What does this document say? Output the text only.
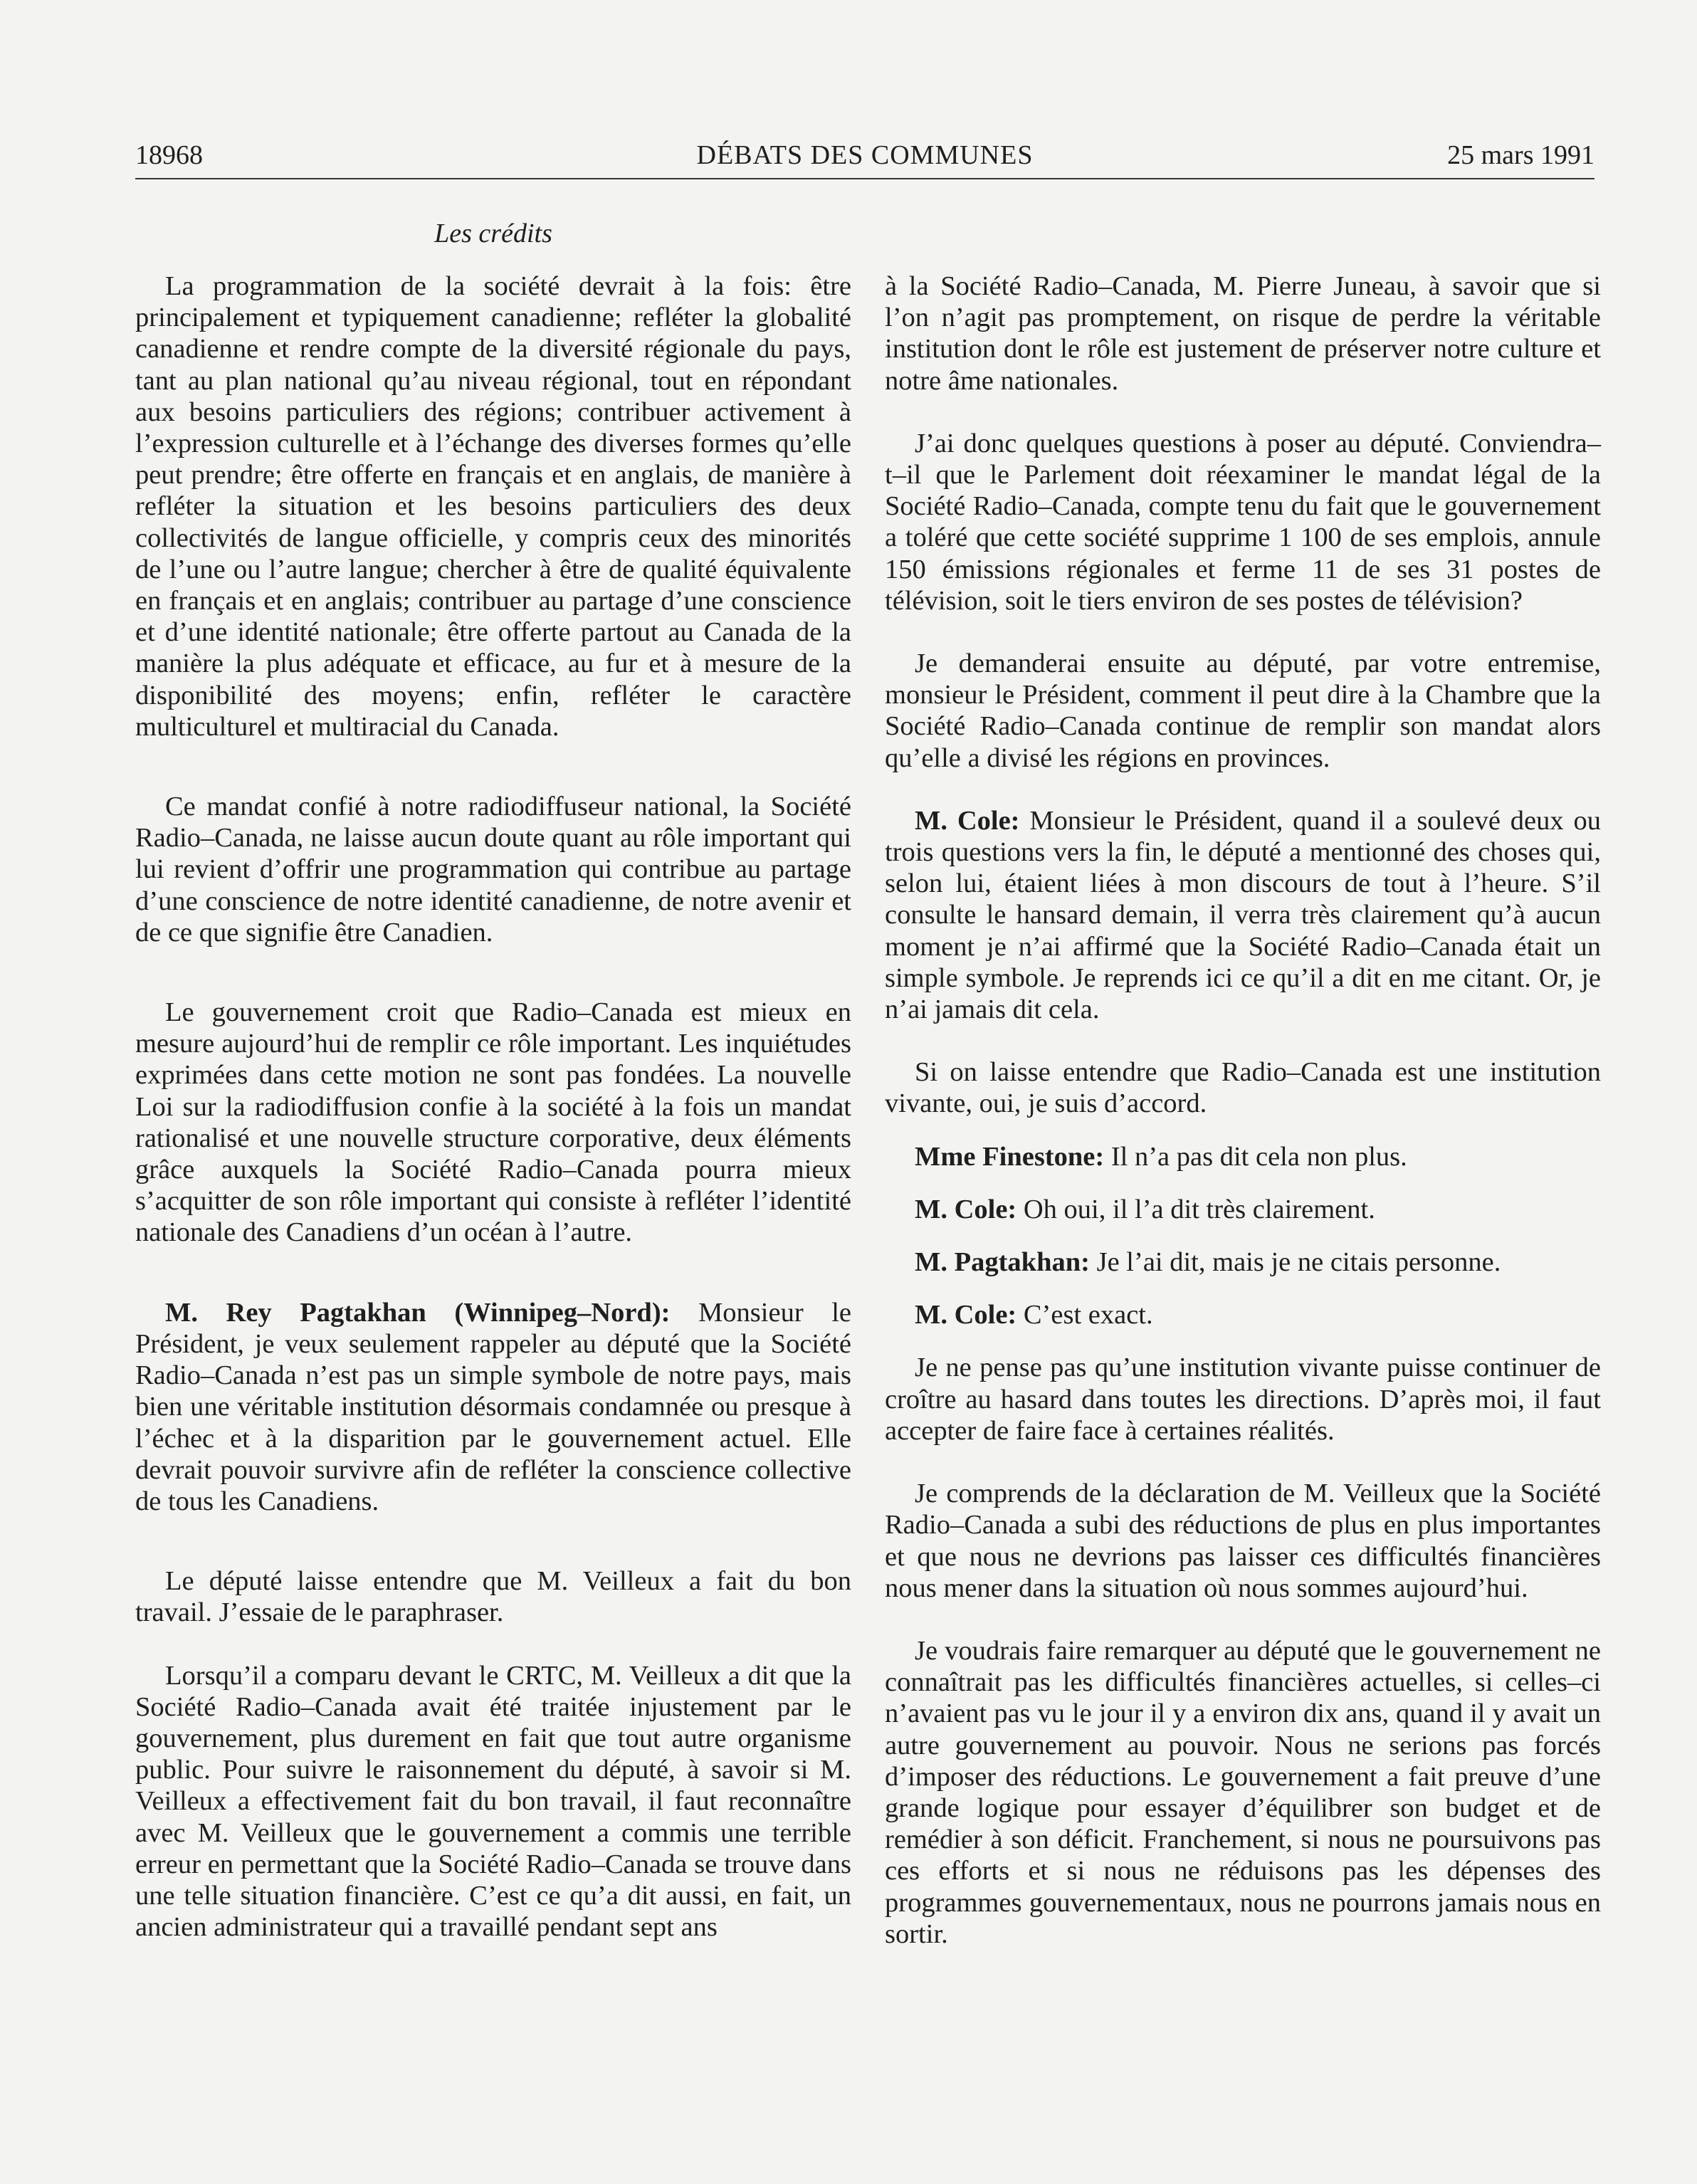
18968	DÉBATS DES COMMUNES	25 mars 1991
Les crédits

La programmation de la société devrait à la fois: être principalement et typiquement canadienne; refléter la globalité canadienne et rendre compte de la diversité régionale du pays, tant au plan national qu’au niveau régional, tout en répondant aux besoins particuliers des régions; contribuer activement à l’expression culturelle et à l’échange des diverses formes qu’elle peut prendre; être offerte en français et en anglais, de manière à refléter la situation et les besoins particuliers des deux collectivités de langue officielle, y compris ceux des minorités de l’une ou l’autre langue; chercher à être de qualité équivalente en français et en anglais; contribuer au partage d’une conscience et d’une identité nationale; être offerte partout au Canada de la manière la plus adéquate et efficace, au fur et à mesure de la disponibilité des moyens; enfin, refléter le caractère multiculturel et multiracial du Canada.

Ce mandat confié à notre radiodiffuseur national, la Société Radio–Canada, ne laisse aucun doute quant au rôle important qui lui revient d’offrir une programmation qui contribue au partage d’une conscience de notre identité canadienne, de notre avenir et de ce que signifie être Canadien.

Le gouvernement croit que Radio–Canada est mieux en mesure aujourd’hui de remplir ce rôle important. Les inquiétudes exprimées dans cette motion ne sont pas fondées. La nouvelle Loi sur la radiodiffusion confie à la société à la fois un mandat rationalisé et une nouvelle structure corporative, deux éléments grâce auxquels la Société Radio–Canada pourra mieux s’acquitter de son rôle important qui consiste à refléter l’identité nationale des Canadiens d’un océan à l’autre.

M. Rey Pagtakhan (Winnipeg–Nord): Monsieur le Président, je veux seulement rappeler au député que la Société Radio–Canada n’est pas un simple symbole de notre pays, mais bien une véritable institution désormais condamnée ou presque à l’échec et à la disparition par le gouvernement actuel. Elle devrait pouvoir survivre afin de refléter la conscience collective de tous les Canadiens.

Le député laisse entendre que M. Veilleux a fait du bon travail. J’essaie de le paraphraser.

Lorsqu’il a comparu devant le CRTC, M. Veilleux a dit que la Société Radio–Canada avait été traitée injustement par le gouvernement, plus durement en fait que tout autre organisme public. Pour suivre le raisonnement du député, à savoir si M. Veilleux a effectivement fait du bon travail, il faut reconnaître avec M. Veilleux que le gouvernement a commis une terrible erreur en permettant que la Société Radio–Canada se trouve dans une telle situation financière. C’est ce qu’a dit aussi, en fait, un ancien administrateur qui a travaillé pendant sept ans

à la Société Radio–Canada, M. Pierre Juneau, à savoir que si l’on n’agit pas promptement, on risque de perdre la véritable institution dont le rôle est justement de préserver notre culture et notre âme nationales.

J’ai donc quelques questions à poser au député. Conviendra–t–il que le Parlement doit réexaminer le mandat légal de la Société Radio–Canada, compte tenu du fait que le gouvernement a toléré que cette société supprime 1 100 de ses emplois, annule 150 émissions régionales et ferme 11 de ses 31 postes de télévision, soit le tiers environ de ses postes de télévision?

Je demanderai ensuite au député, par votre entremise, monsieur le Président, comment il peut dire à la Chambre que la Société Radio–Canada continue de remplir son mandat alors qu’elle a divisé les régions en provinces.

M. Cole: Monsieur le Président, quand il a soulevé deux ou trois questions vers la fin, le député a mentionné des choses qui, selon lui, étaient liées à mon discours de tout à l’heure. S’il consulte le hansard demain, il verra très clairement qu’à aucun moment je n’ai affirmé que la Société Radio–Canada était un simple symbole. Je reprends ici ce qu’il a dit en me citant. Or, je n’ai jamais dit cela.

Si on laisse entendre que Radio–Canada est une institution vivante, oui, je suis d’accord.

Mme Finestone: Il n’a pas dit cela non plus.

M. Cole: Oh oui, il l’a dit très clairement.

M. Pagtakhan: Je l’ai dit, mais je ne citais personne.

M. Cole: C’est exact.

Je ne pense pas qu’une institution vivante puisse continuer de croître au hasard dans toutes les directions. D’après moi, il faut accepter de faire face à certaines réalités.

Je comprends de la déclaration de M. Veilleux que la Société Radio–Canada a subi des réductions de plus en plus importantes et que nous ne devrions pas laisser ces difficultés financières nous mener dans la situation où nous sommes aujourd’hui.

Je voudrais faire remarquer au député que le gouvernement ne connaîtrait pas les difficultés financières actuelles, si celles–ci n’avaient pas vu le jour il y a environ dix ans, quand il y avait un autre gouvernement au pouvoir. Nous ne serions pas forcés d’imposer des réductions. Le gouvernement a fait preuve d’une grande logique pour essayer d’équilibrer son budget et de remédier à son déficit. Franchement, si nous ne poursuivons pas ces efforts et si nous ne réduisons pas les dépenses des programmes gouvernementaux, nous ne pourrons jamais nous en sortir.
